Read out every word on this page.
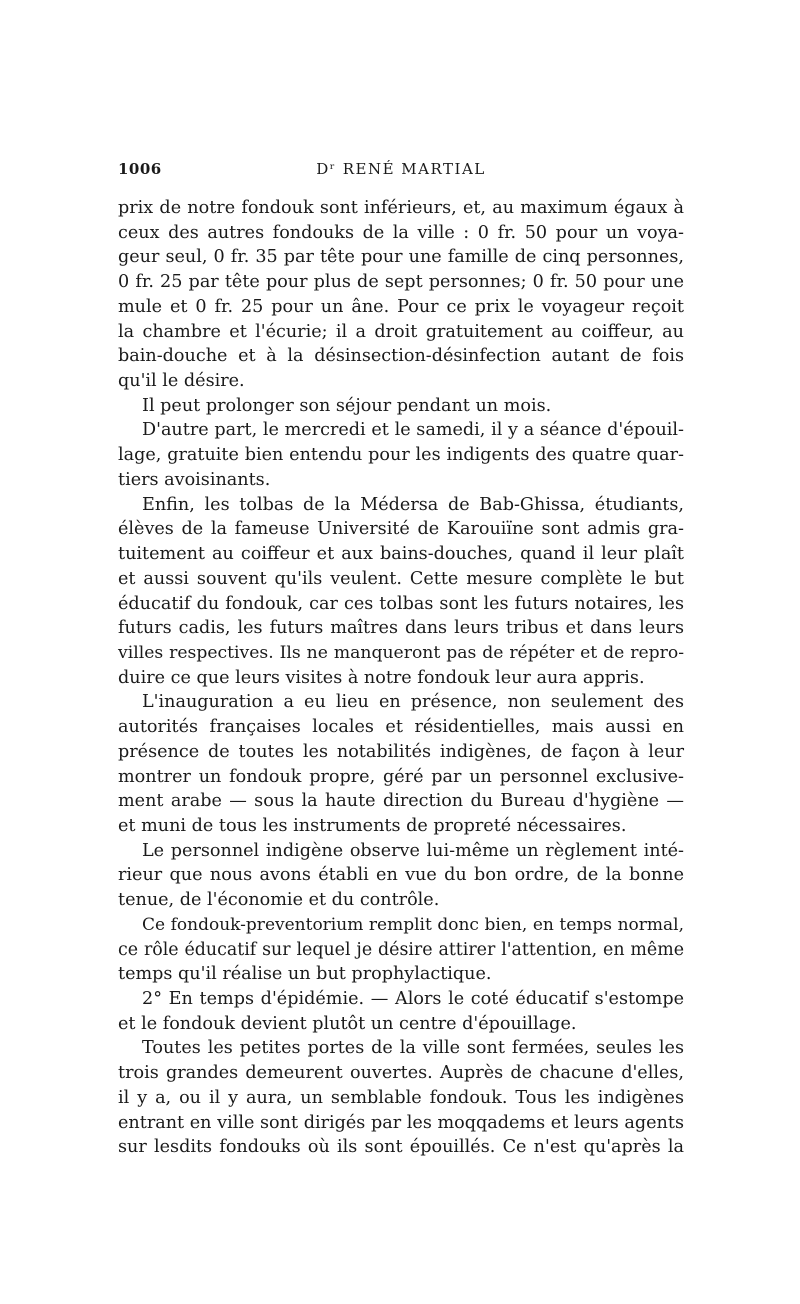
1006	Dʳ RENÉ MARTIAL
prix de notre fondouk sont inférieurs, et, au maximum égaux à
ceux des autres fondouks de la ville : 0 fr. 50 pour un voya-
geur seul, 0 fr. 35 par tête pour une famille de cinq personnes,
0 fr. 25 par tête pour plus de sept personnes; 0 fr. 50 pour une
mule et 0 fr. 25 pour un âne. Pour ce prix le voyageur reçoit
la chambre et l'écurie; il a droit gratuitement au coiffeur, au
bain-douche et à la désinsection-désinfection autant de fois
qu'il le désire.
Il peut prolonger son séjour pendant un mois.
D'autre part, le mercredi et le samedi, il y a séance d'épouil-
lage, gratuite bien entendu pour les indigents des quatre quar-
tiers avoisinants.
Enfin, les tolbas de la Médersa de Bab-Ghissa, étudiants,
élèves de la fameuse Université de Karouiïne sont admis gra-
tuitement au coiffeur et aux bains-douches, quand il leur plaît
et aussi souvent qu'ils veulent. Cette mesure complète le but
éducatif du fondouk, car ces tolbas sont les futurs notaires, les
futurs cadis, les futurs maîtres dans leurs tribus et dans leurs
villes respectives. Ils ne manqueront pas de répéter et de repro-
duire ce que leurs visites à notre fondouk leur aura appris.
L'inauguration a eu lieu en présence, non seulement des
autorités françaises locales et résidentielles, mais aussi en
présence de toutes les notabilités indigènes, de façon à leur
montrer un fondouk propre, géré par un personnel exclusive-
ment arabe — sous la haute direction du Bureau d'hygiène —
et muni de tous les instruments de propreté nécessaires.
Le personnel indigène observe lui-même un règlement inté-
rieur que nous avons établi en vue du bon ordre, de la bonne
tenue, de l'économie et du contrôle.
Ce fondouk-preventorium remplit donc bien, en temps normal,
ce rôle éducatif sur lequel je désire attirer l'attention, en même
temps qu'il réalise un but prophylactique.
2° En temps d'épidémie. — Alors le coté éducatif s'estompe
et le fondouk devient plutôt un centre d'épouillage.
Toutes les petites portes de la ville sont fermées, seules les
trois grandes demeurent ouvertes. Auprès de chacune d'elles,
il y a, ou il y aura, un semblable fondouk. Tous les indigènes
entrant en ville sont dirigés par les moqqadems et leurs agents
sur lesdits fondouks où ils sont épouillés. Ce n'est qu'après la
